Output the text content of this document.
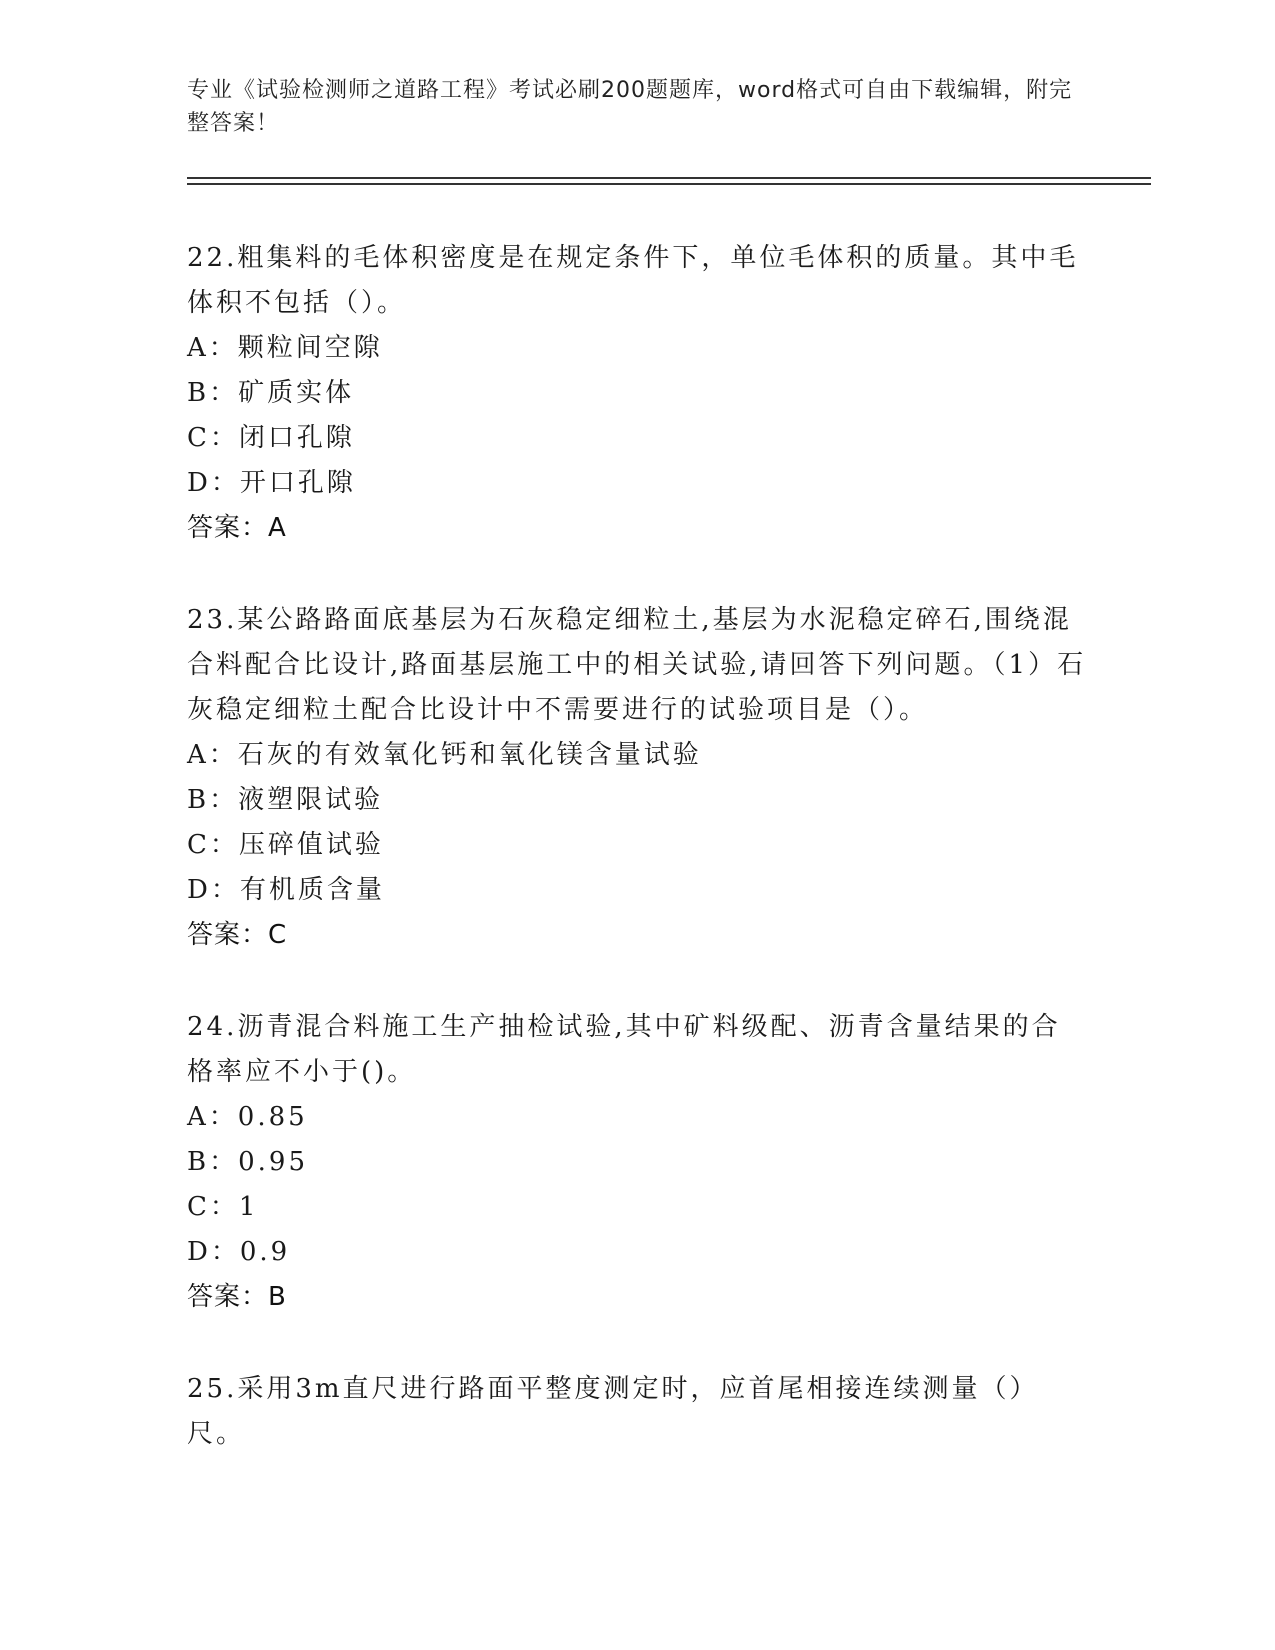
专业《试验检测师之道路工程》考试必刷200题题库，word格式可自由下载编辑，附完整答案！

22.粗集料的毛体积密度是在规定条件下，单位毛体积的质量。其中毛体积不包括（）。

A：颗粒间空隙

B：矿质实体

C：闭口孔隙

D：开口孔隙

答案：A

23.某公路路面底基层为石灰稳定细粒土,基层为水泥稳定碎石,围绕混合料配合比设计,路面基层施工中的相关试验,请回答下列问题。（1）石灰稳定细粒土配合比设计中不需要进行的试验项目是（）。

A：石灰的有效氧化钙和氧化镁含量试验

B：液塑限试验

C：压碎值试验

D：有机质含量

答案：C

24.沥青混合料施工生产抽检试验,其中矿料级配、沥青含量结果的合格率应不小于()。

A：0.85

B：0.95

C：1

D：0.9

答案：B

25.采用3m直尺进行路面平整度测定时，应首尾相接连续测量（）尺。
